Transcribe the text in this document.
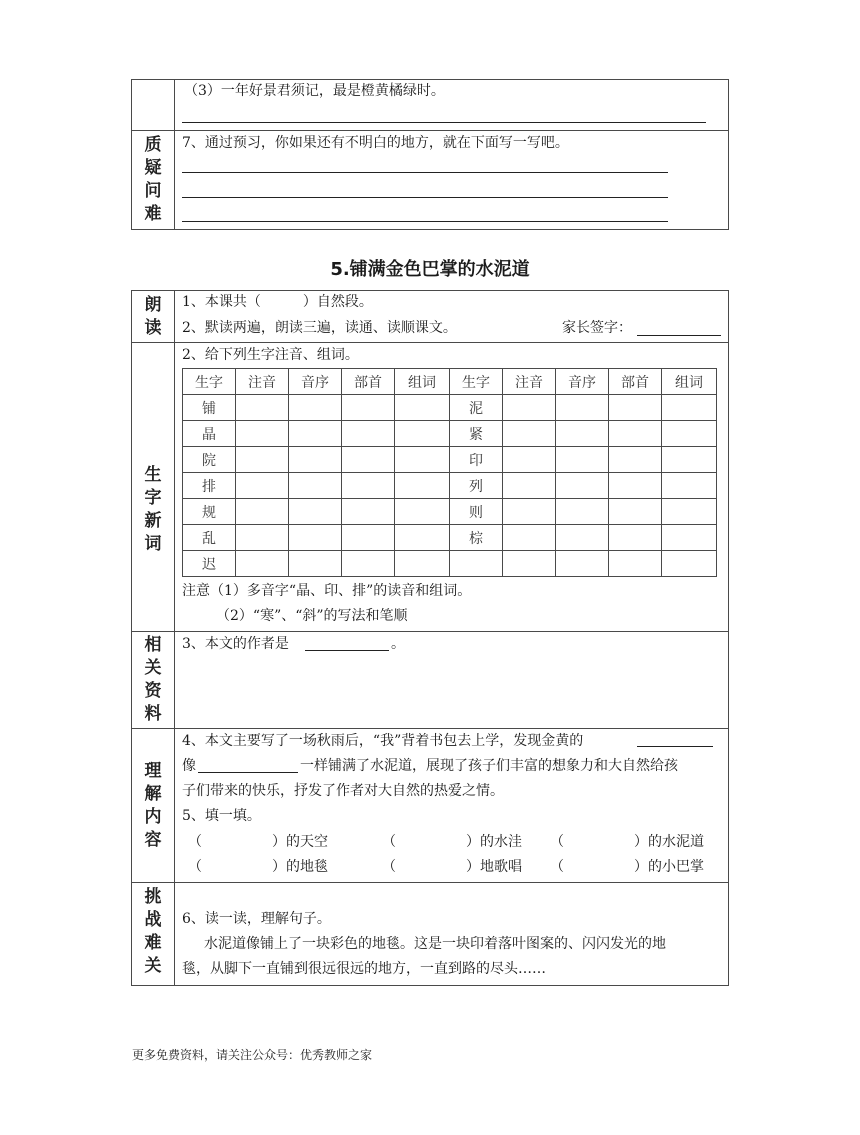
（3）一年好景君须记，最是橙黄橘绿时。
质
疑
问
难
7、通过预习，你如果还有不明白的地方，就在下面写一写吧。
5.铺满金色巴掌的水泥道
朗
读
1、本课共（　　　）自然段。
2、默读两遍，朗读三遍，读通、读顺课文。	家长签字：
生
字
新
词
2、给下列生字注音、组词。
生字	注音	音序	部首	组词	生字	注音	音序	部首	组词
铺					泥				
晶					紧				
院					印				
排					列				
规					则				
乱					棕				
迟									
注意（1）多音字“晶、印、排”的读音和组词。
（2）“寒”、“斜”的写法和笔顺
相
关
资
料
3、本文的作者是	。
理
解
内
容
4、本文主要写了一场秋雨后，“我”背着书包去上学，发现金黄的
像	一样铺满了水泥道，展现了孩子们丰富的想象力和大自然给孩
子们带来的快乐，抒发了作者对大自然的热爱之情。
5、填一填。
（　　　　　）的天空	（　　　　　）的水洼 （　　　　　）的水泥道
（　　　　　）的地毯	（　　　　　）地歌唱 （　　　　　）的小巴掌
挑
战
难
关
6、读一读，理解句子。
水泥道像铺上了一块彩色的地毯。这是一块印着落叶图案的、闪闪发光的地
毯，从脚下一直铺到很远很远的地方，一直到路的尽头……
更多免费资料，请关注公众号：优秀教师之家
